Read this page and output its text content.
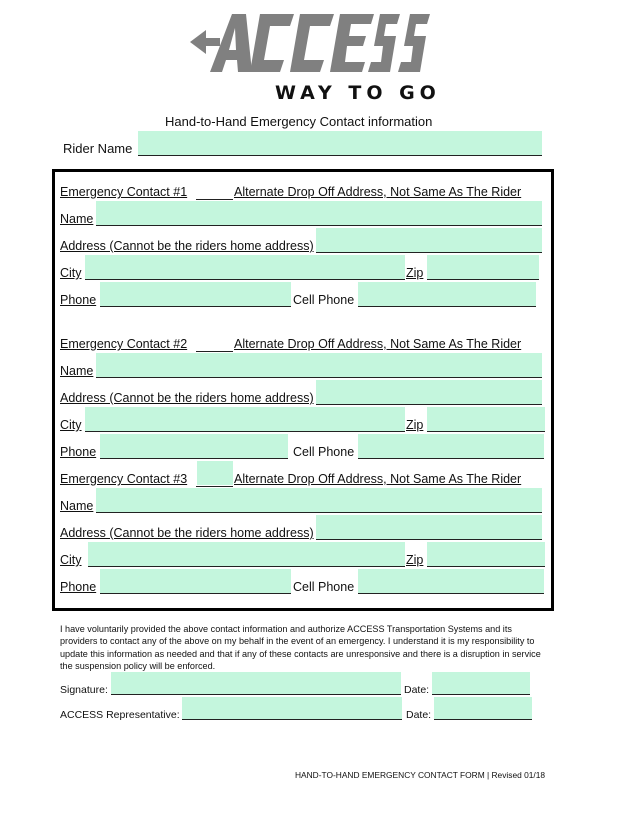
WAY TO GO
Hand-to-Hand Emergency Contact information
Rider Name
Emergency Contact #1	Alternate Drop Off Address, Not Same As The Rider
Name
Address (Cannot be the riders home address)
City	Zip
Phone	Cell Phone
Emergency Contact #2	Alternate Drop Off Address, Not Same As The Rider
Name
Address (Cannot be the riders home address)
City	Zip
Phone	Cell Phone
Emergency Contact #3	Alternate Drop Off Address, Not Same As The Rider
Name
Address (Cannot be the riders home address)
City	Zip
Phone	Cell Phone
I have voluntarily provided the above contact information and authorize ACCESS Transportation Systems and its providers to contact any of the above on my behalf in the event of an emergency. I understand it is my responsibility to update this information as needed and that if any of these contacts are unresponsive and there is a disruption in service the suspension policy will be enforced.
Signature:	Date:
ACCESS Representative:	Date:
HAND-TO-HAND EMERGENCY CONTACT FORM | Revised 01/18
